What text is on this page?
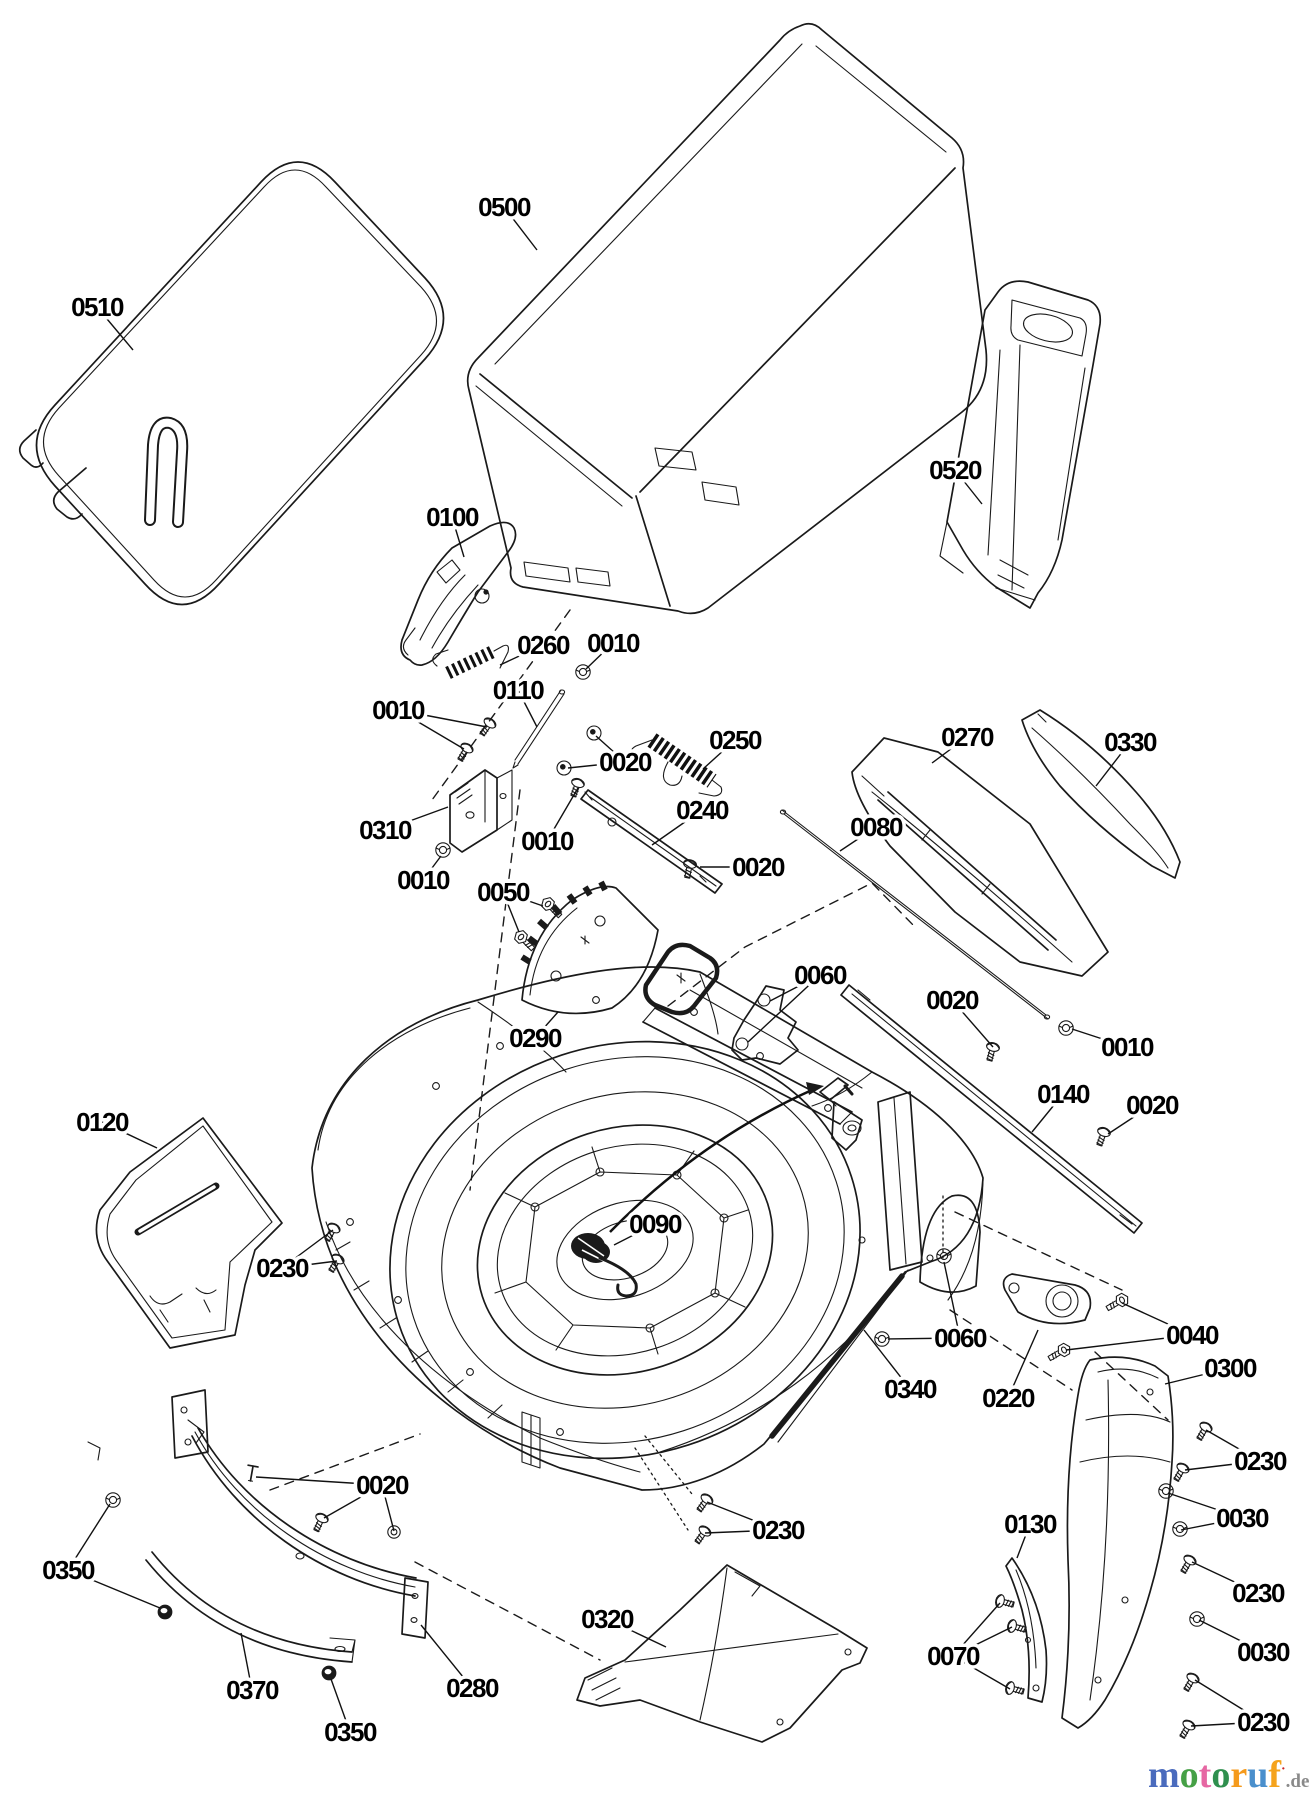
0510
0500
0520
0100
0260 0010
0110
0010
0020
0250
0240
0310	0010
0010
0270	0330
0080
0020
0050
0290
0060
0020
0010
0140 0020
0120
0090
0230
0060	0040
0300
0220
0340
0230
0030
0130
0350
0020
0230
0370	0280
0350
0320
0070
0230
0030
0230
motoruf·.de
